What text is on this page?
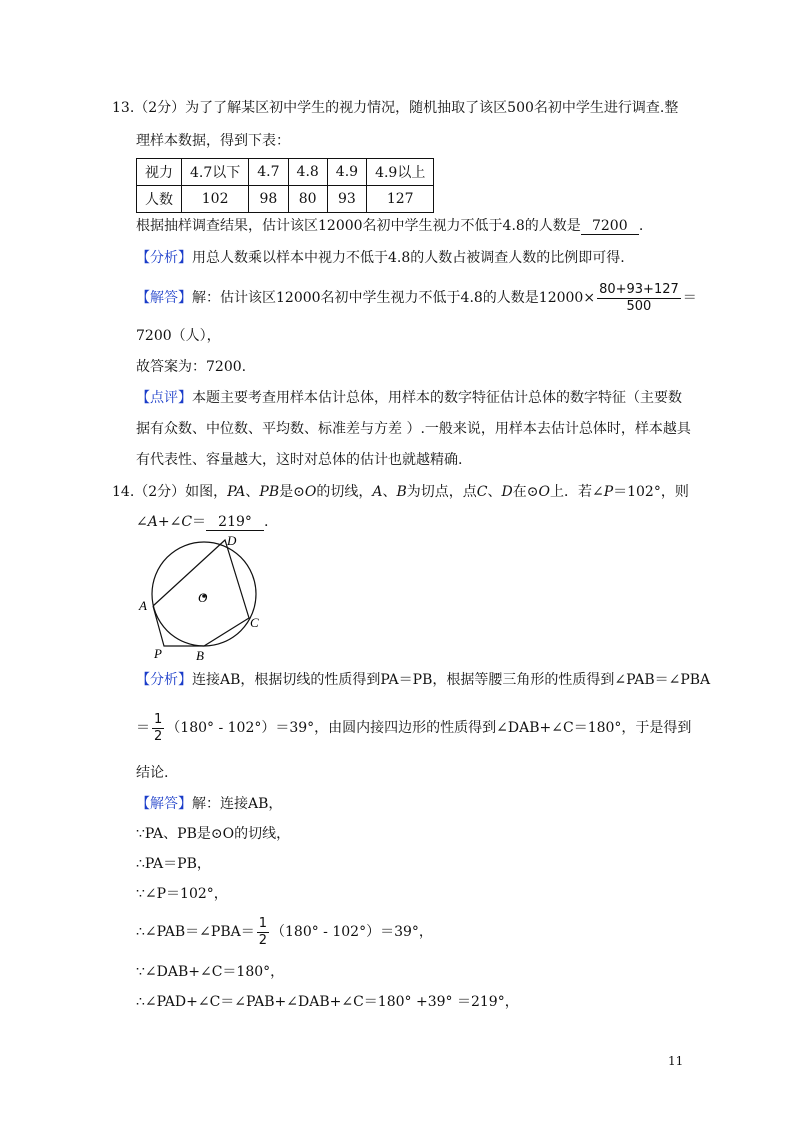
13.（2分）为了了解某区初中学生的视力情况，随机抽取了该区500名初中学生进行调查.整
理样本数据，得到下表：
视力	4.7以下	4.7	4.8	4.9	4.9以上
人数	102	98	80	93	127
根据抽样调查结果，估计该区12000名初中学生视力不低于4.8的人数是 7200 .
【分析】用总人数乘以样本中视力不低于4.8的人数占被调查人数的比例即可得.
【解答】解：估计该区12000名初中学生视力不低于4.8的人数是$12000\times \frac{80+93+127}{500}$ ＝
7200（人），
故答案为：7200.
【点评】本题主要考查用样本估计总体，用样本的数字特征估计总体的数字特征（主要数
据有众数、中位数、平均数、标准差与方差 ）.一般来说，用样本去估计总体时，样本越具
有代表性、容量越大，这时对总体的估计也就越精确.
14.（2分）如图，PA、PB是⊙O的切线，A、B为切点，点C、D在⊙O上．若∠P＝102°，则
∠A+∠C＝ 219° .
D
O
A
C
P	B
【分析】连接AB，根据切线的性质得到PA＝PB，根据等腰三角形的性质得到∠PAB＝∠PBA
＝ $\frac{1}{2} (180^\circ - 102^\circ)=39^\circ$，由圆内接四边形的性质得到∠DAB+∠C＝180°，于是得到
结论.
【解答】解：连接AB，
∵PA、PB是⊙O的切线，
∴PA＝PB，
∵∠P＝102°，
∴∠PAB＝∠PBA＝ $\frac{1}{2} (180^\circ - 102^\circ)=39^\circ$，
∵∠DAB+∠C＝180°，
∴∠PAD+∠C＝∠PAB+∠DAB+∠C＝180° +39° ＝219°，
11
